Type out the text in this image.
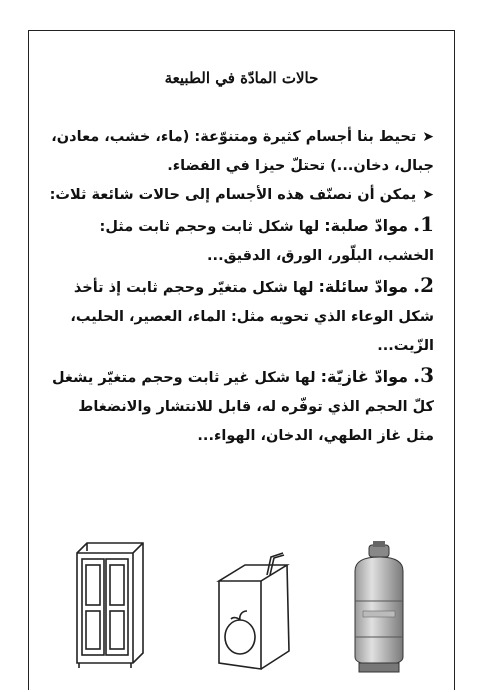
حالات المادّة في الطبيعة

➤تحيط بنا أجسام كثيرة ومتنوّعة: (ماء، خشب، معادن، جبال، دخان...) تحتلّ حيزا في الفضاء.

➤يمكن أن نصنّف هذه الأجسام إلى حالات شائعة ثلاث:

1. موادّ صلبة: لها شكل ثابت وحجم ثابت مثل: الخشب، البلّور، الورق، الدقيق...

2. موادّ سائلة: لها شكل متغيّر وحجم ثابت إذ تأخذ شكل الوعاء الذي تحويه مثل: الماء، العصير، الحليب، الزّيت...

3. موادّ غازيّة: لها شكل غير ثابت وحجم متغيّر يشغل كلّ الحجم الذي توفّره له، قابل للانتشار والانضغاط مثل غاز الطهي، الدخان، الهواء...
